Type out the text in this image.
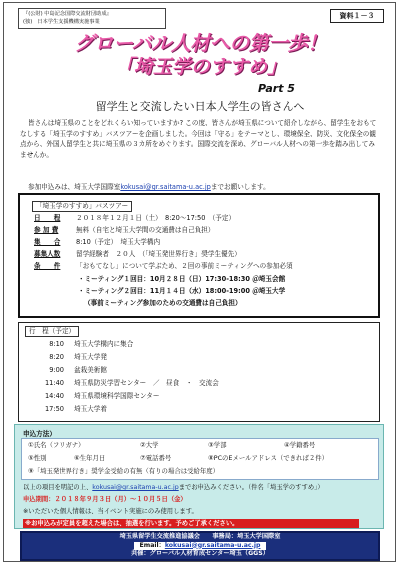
『(公財) 中島記念国際交流財団助成』
(独)　日本学生支援機構実施事業
資料１－３
グローバル人材への第一歩！
「埼玉学のすすめ」
Part 5
留学生と交流したい日本人学生の皆さんへ
皆さんは埼玉県のことをどれくらい知っていますか? この度、皆さんが埼玉県について紹介しながら、留学生をおもてなしする「埼玉学のすすめ」バスツアーを企画しました。今回は「守る」をテーマとし、環境保全、防災、文化保全の観点から、外国人留学生と共に埼玉県の３カ所をめぐります。国際交流を深め、グローバル人材への第一歩を踏み出してみませんか。
参加申込みは、埼玉大学国際室kokusai@gr.saitama-u.ac.jpまでお願いします。
「埼玉学のすすめ」バスツアー
日　　程 ２０１８年１２月１日（土）　8:20～17:50　（予定）
参 加 費	無料（自宅と埼玉大学間の交通費は自己負担）
集　　合 8:10（予定）　埼玉大学構内
募集人数 留学経験者　２０人　（「埼玉発世界行き」奨学生優先）
条　　件 「おもてなし」について学ぶため、２回の事前ミーティングへの参加必須
・ミーティング１回目：10月２８日（日）17:30-18:30 ＠埼玉会館
・ミーティング２回目：11月１４日（水）18:00-19:00 ＠埼玉大学
（事前ミーティング参加のための交通費は自己負担）
行　程（予定）
8:10 埼玉大学構内に集合
8:20 埼玉大学発
9:00 盆栽美術館
11:40 埼玉県防災学習センター　／　昼食　・　交流会
14:40 埼玉県環境科学国際センター
17:50 埼玉大学着
申込方法）
①氏名（フリガナ）	②大学	③学部	④学籍番号
⑤性別	⑥生年月日	⑦電話番号	⑧PCのEメールアドレス（できれば２件）
⑨「埼玉発世界行き」奨学金受給の有無（有りの場合は受給年度）
以上の項目を明記の上、kokusai@gr.saitama-u.ac.jpまでお申込みください。（件名「埼玉学のすすめ」）
申込期間：２０１８年９月３日（月）～１０月５日（金）
※いただいた個人情報は、当イベント実施にのみ使用します。
※お申込みが定員を超えた場合は、抽選を行います。予めご了承ください。
埼玉県留学生交流推進協議会　　事務局：埼玉大学国際室
Email：kokusai@gr.saitama-u.ac.jp
共催：グローバル人材育成センター埼玉（GGS）
